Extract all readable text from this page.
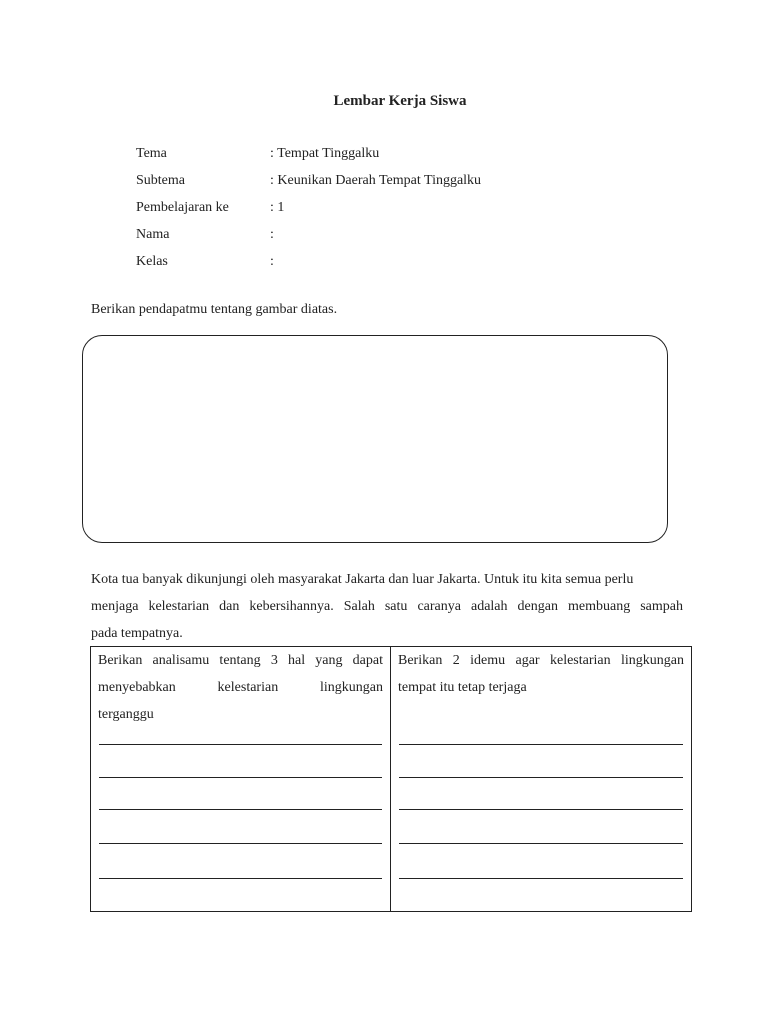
Lembar Kerja Siswa
Tema	: Tempat Tinggalku
Subtema	: Keunikan Daerah Tempat Tinggalku
Pembelajaran ke	: 1
Nama	:
Kelas	:
Berikan pendapatmu tentang gambar diatas.
Kota tua banyak dikunjungi oleh masyarakat Jakarta dan luar Jakarta. Untuk itu kita semua perlu
menjaga kelestarian dan kebersihannya. Salah satu caranya adalah dengan membuang sampah
pada tempatnya.
Berikan analisamu tentang 3 hal yang dapat
menyebabkan kelestarian lingkungan
terganggu
Berikan 2 idemu agar kelestarian lingkungan
tempat itu tetap terjaga
